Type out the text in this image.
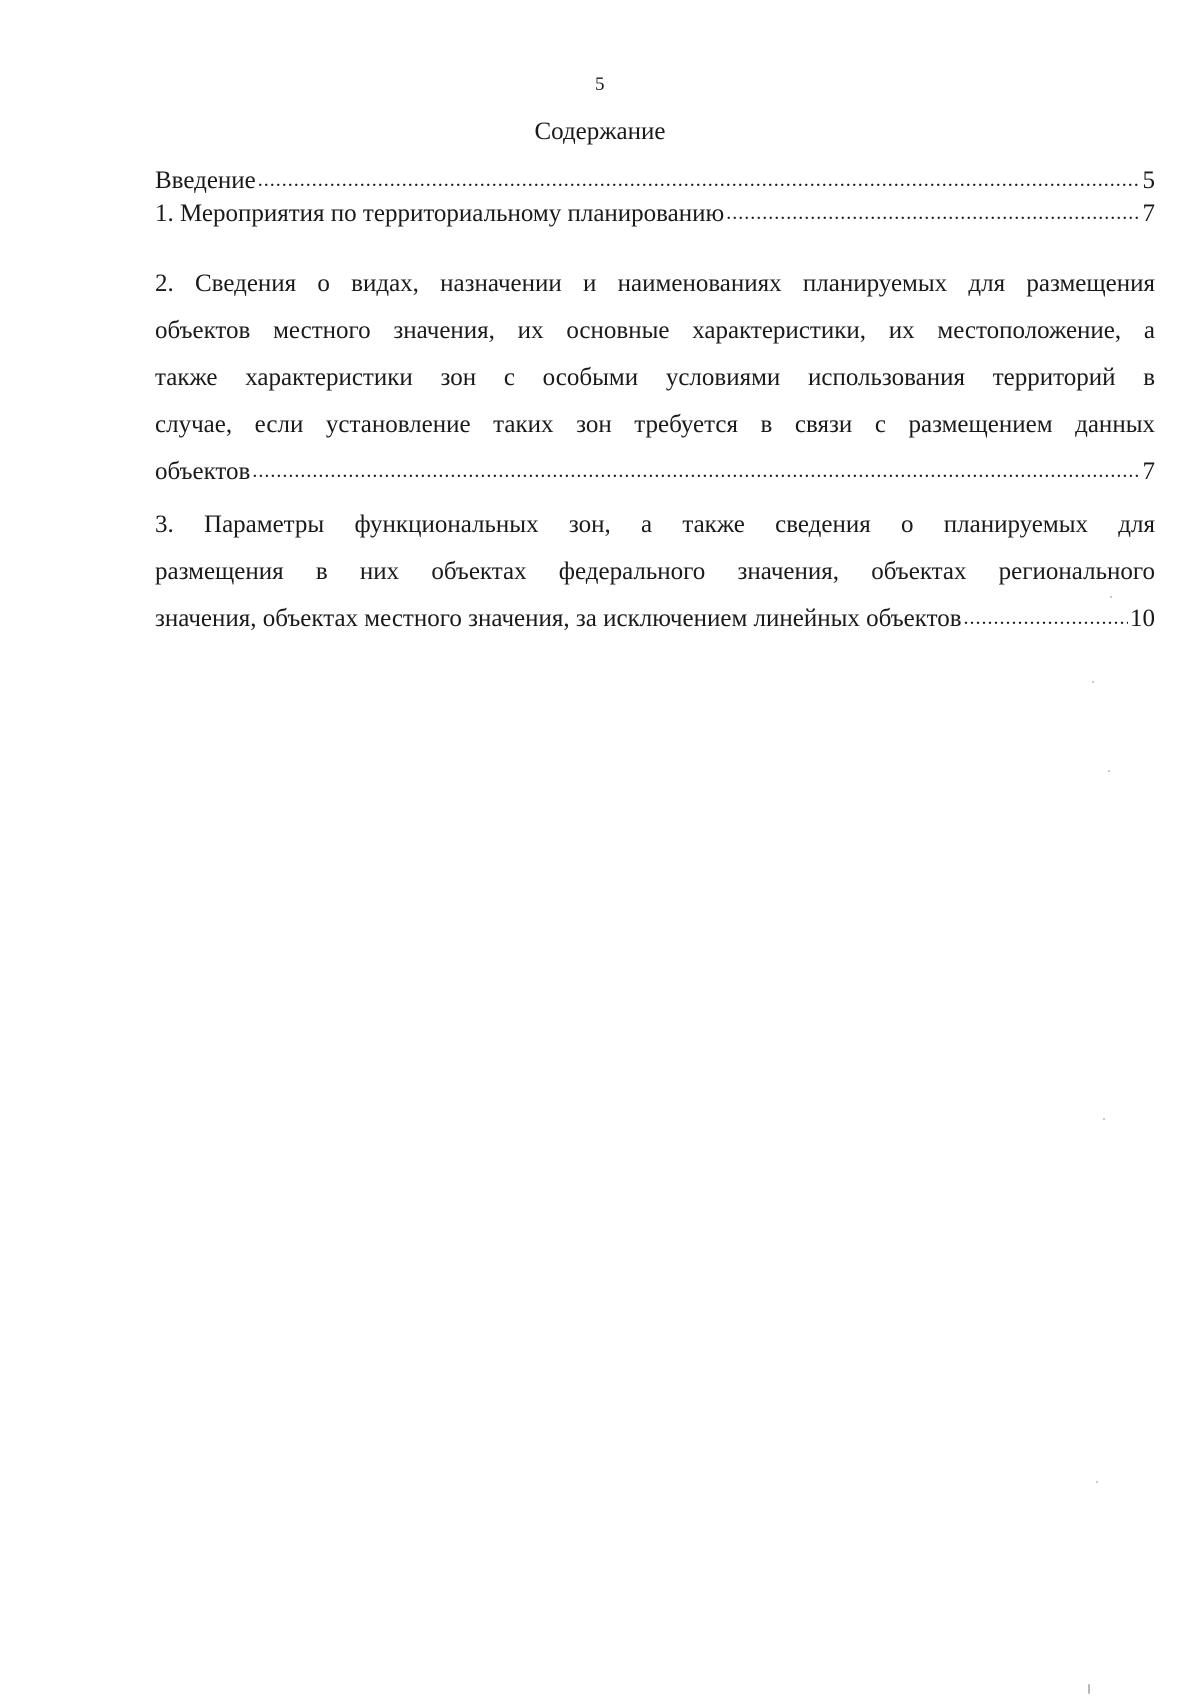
5
Содержание
Введение .....	5
1. Мероприятия по территориальному планированию .....	7
2. Сведения о видах, назначении и наименованиях планируемых для размещения
объектов местного значения, их основные характеристики, их местоположение, а
также характеристики зон с особыми условиями использования территорий в
случае, если установление таких зон требуется в связи с размещением данных
объектов .....	7
3. Параметры функциональных зон, а также сведения о планируемых для
размещения в них объектах федерального значения, объектах регионального
значения, объектах местного значения, за исключением линейных объектов .....	10
